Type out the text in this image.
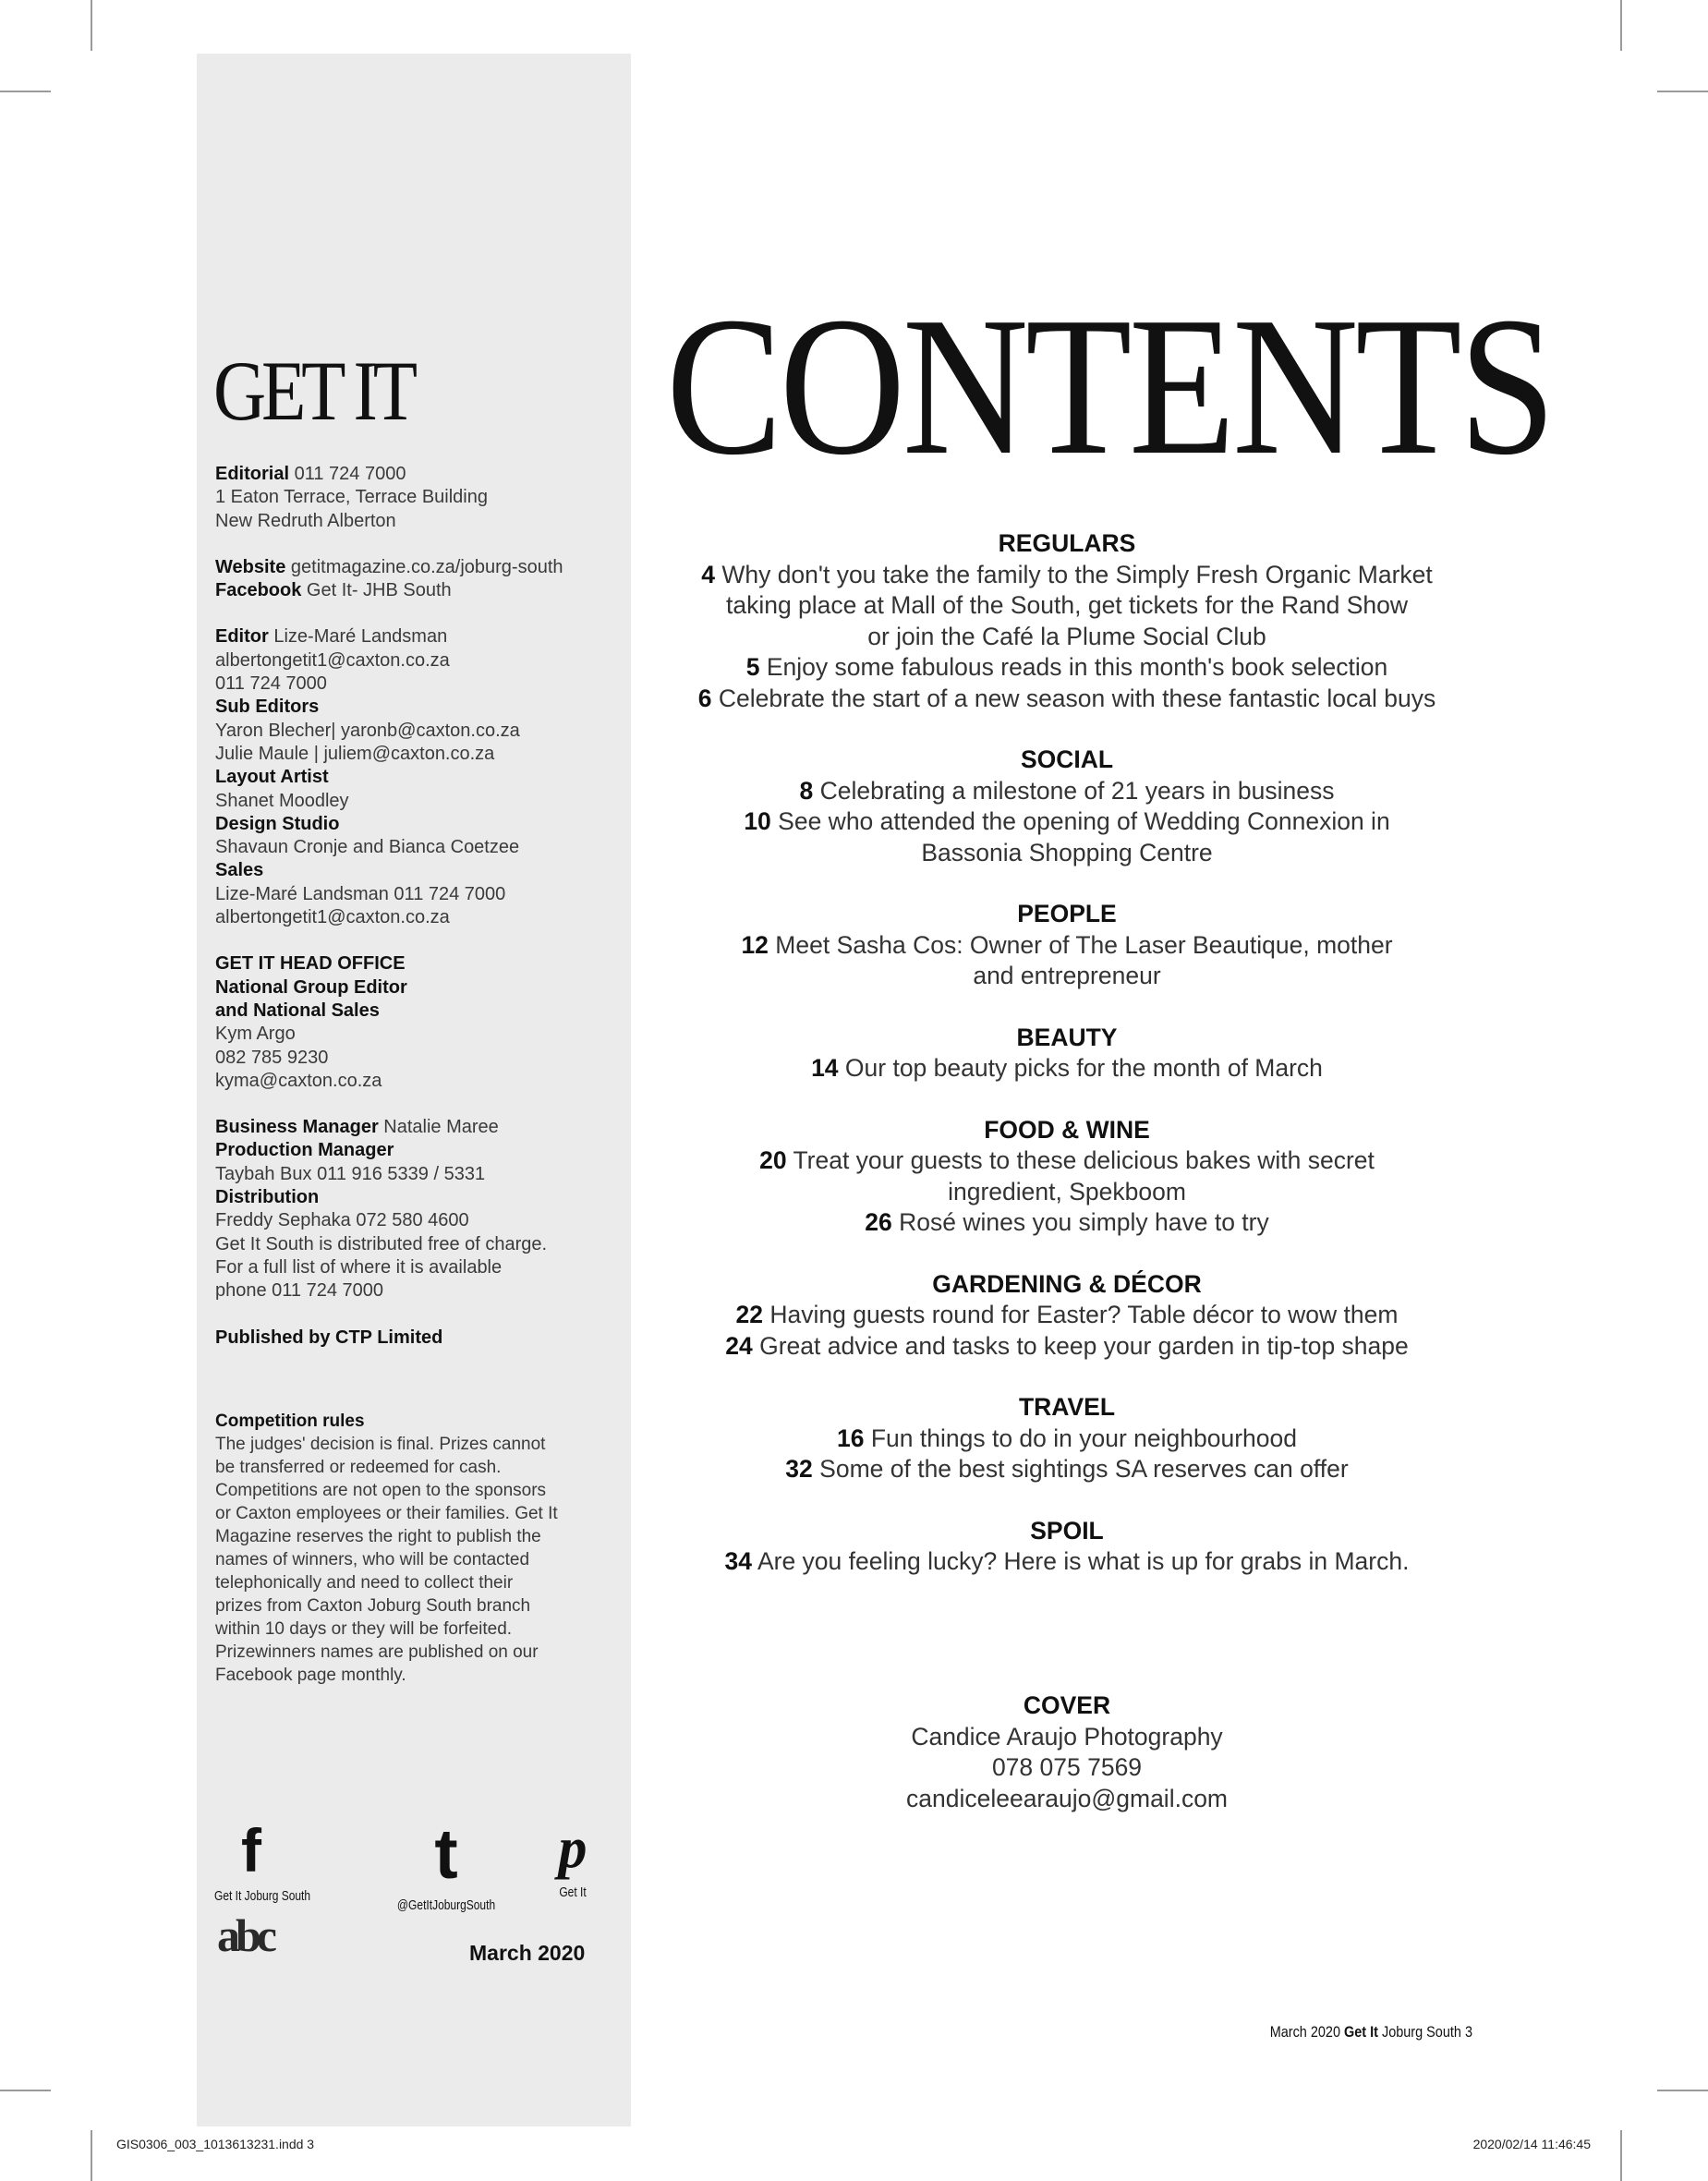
GET IT
Editorial 011 724 7000
1 Eaton Terrace, Terrace Building
New Redruth Alberton
Website getitmagazine.co.za/joburg-south
Facebook Get It- JHB South
Editor Lize-Maré Landsman
albertongetit1@caxton.co.za
011 724 7000
Sub Editors
Yaron Blecher| yaronb@caxton.co.za
Julie Maule | juliem@caxton.co.za
Layout Artist
Shanet Moodley
Design Studio
Shavaun Cronje and Bianca Coetzee
Sales
Lize-Maré Landsman 011 724 7000
albertongetit1@caxton.co.za
GET IT HEAD OFFICE
National Group Editor
and National Sales
Kym Argo
082 785 9230
kyma@caxton.co.za
Business Manager Natalie Maree
Production Manager
Taybah Bux 011 916 5339 / 5331
Distribution
Freddy Sephaka 072 580 4600
Get It South is distributed free of charge.
For a full list of where it is available
phone 011 724 7000
Published by CTP Limited
Competition rules
The judges' decision is final. Prizes cannot
be transferred or redeemed for cash.
Competitions are not open to the sponsors
or Caxton employees or their families. Get It
Magazine reserves the right to publish the
names of winners, who will be contacted
telephonically and need to collect their
prizes from Caxton Joburg South branch
within 10 days or they will be forfeited.
Prizewinners names are published on our
Facebook page monthly.
f
Get It Joburg South
t
@GetItJoburgSouth
p
Get It
abc	March 2020
CONTENTS
REGULARS
4 Why don't you take the family to the Simply Fresh Organic Market
taking place at Mall of the South, get tickets for the Rand Show
or join the Café la Plume Social Club
5 Enjoy some fabulous reads in this month's book selection
6 Celebrate the start of a new season with these fantastic local buys
SOCIAL
8 Celebrating a milestone of 21 years in business
10 See who attended the opening of Wedding Connexion in
Bassonia Shopping Centre
PEOPLE
12 Meet Sasha Cos: Owner of The Laser Beautique, mother
and entrepreneur
BEAUTY
14 Our top beauty picks for the month of March
FOOD & WINE
20 Treat your guests to these delicious bakes with secret
ingredient, Spekboom
26 Rosé wines you simply have to try
GARDENING & DÉCOR
22 Having guests round for Easter? Table décor to wow them
24 Great advice and tasks to keep your garden in tip-top shape
TRAVEL
16 Fun things to do in your neighbourhood
32 Some of the best sightings SA reserves can offer
SPOIL
34 Are you feeling lucky? Here is what is up for grabs in March.
COVER
Candice Araujo Photography
078 075 7569
candiceleearaujo@gmail.com
March 2020 Get It Joburg South 3
GIS0306_003_1013613231.indd 3	2020/02/14 11:46:45
